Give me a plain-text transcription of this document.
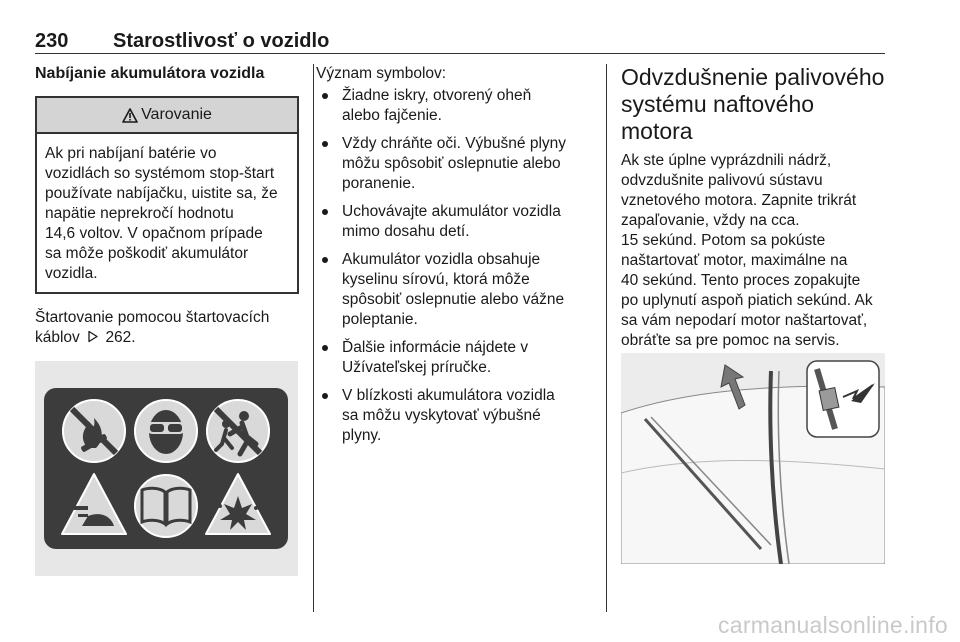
230 Starostlivosť o vozidlo
Nabíjanie akumulátora vozidla
Varovanie
Ak pri nabíjaní batérie vo
vozidlách so systémom stop-štart
používate nabíjačku, uistite sa, že
napätie neprekročí hodnotu
14,6 voltov. V opačnom prípade
sa môže poškodiť akumulátor
vozidla.
Štartovanie pomocou štartovacích
káblov 262.
Význam symbolov:
Žiadne iskry, otvorený oheň
alebo fajčenie.
Vždy chráňte oči. Výbušné plyny
môžu spôsobiť oslepnutie alebo
poranenie.
Uchovávajte akumulátor vozidla
mimo dosahu detí.
Akumulátor vozidla obsahuje
kyselinu sírovú, ktorá môže
spôsobiť oslepnutie alebo vážne
poleptanie.
Ďalšie informácie nájdete v
Užívateľskej príručke.
V blízkosti akumulátora vozidla
sa môžu vyskytovať výbušné
plyny.
Odvzdušnenie palivového
systému naftového motora
Ak ste úplne vyprázdnili nádrž,
odvzdušnite palivovú sústavu
vznetového motora. Zapnite trikrát
zapaľovanie, vždy na cca.
15 sekúnd. Potom sa pokúste
naštartovať motor, maximálne na
40 sekúnd. Tento proces zopakujte
po uplynutí aspoň piatich sekúnd. Ak
sa vám nepodarí motor naštartovať,
obráťte sa pre pomoc na servis.
carmanualsonline.info
